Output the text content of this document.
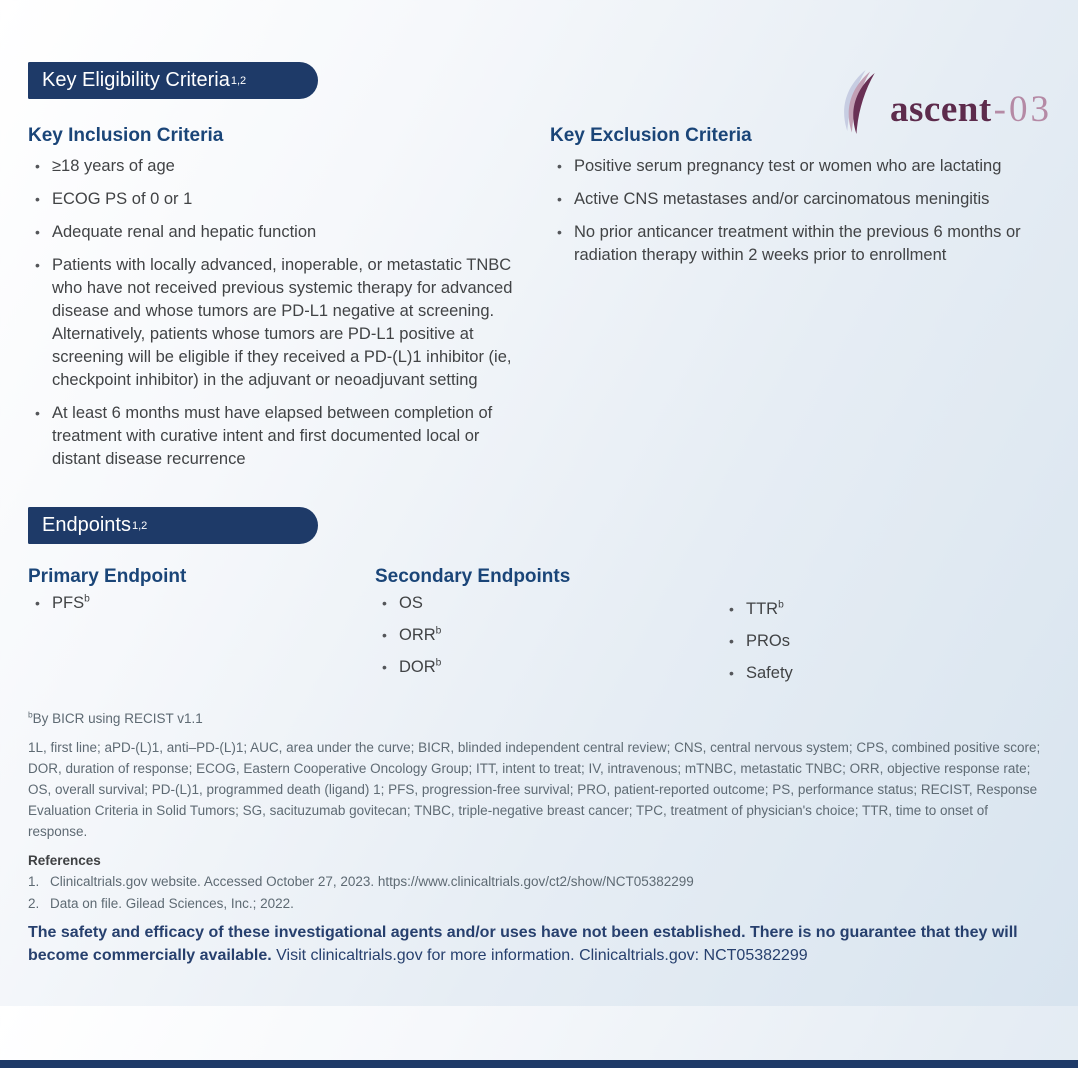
ascent-03
Key Eligibility Criteria 1,2
Key Inclusion Criteria
• ≥18 years of age
• ECOG PS of 0 or 1
• Adequate renal and hepatic function
• Patients with locally advanced, inoperable, or metastatic TNBC who have not received previous systemic therapy for advanced disease and whose tumors are PD-L1 negative at screening. Alternatively, patients whose tumors are PD-L1 positive at screening will be eligible if they received a PD-(L)1 inhibitor (ie, checkpoint inhibitor) in the adjuvant or neoadjuvant setting
• At least 6 months must have elapsed between completion of treatment with curative intent and first documented local or distant disease recurrence
Key Exclusion Criteria
• Positive serum pregnancy test or women who are lactating
• Active CNS metastases and/or carcinomatous meningitis
• No prior anticancer treatment within the previous 6 months or radiation therapy within 2 weeks prior to enrollment
Endpoints 1,2
Primary Endpoint
• PFS$^b$
Secondary Endpoints
• OS
• ORR$^b$
• DOR$^b$
• TTR$^b$
• PROs
• Safety

$^b$By BICR using RECIST v1.1

1L, first line; aPD-(L)1, anti–PD-(L)1; AUC, area under the curve; BICR, blinded independent central review; CNS, central nervous system; CPS, combined positive score; DOR, duration of response; ECOG, Eastern Cooperative Oncology Group; ITT, intent to treat; IV, intravenous; mTNBC, metastatic TNBC; ORR, objective response rate; OS, overall survival; PD-(L)1, programmed death (ligand) 1; PFS, progression-free survival; PRO, patient-reported outcome; PS, performance status; RECIST, Response Evaluation Criteria in Solid Tumors; SG, sacituzumab govitecan; TNBC, triple-negative breast cancer; TPC, treatment of physician's choice; TTR, time to onset of response.

References

1. Clinicaltrials.gov website. Accessed October 27, 2023. https://www.clinicaltrials.gov/ct2/show/NCT05382299
2. Data on file. Gilead Sciences, Inc.; 2022.

The safety and efficacy of these investigational agents and/or uses have not been established. There is no guarantee that they will become commercially available. Visit clinicaltrials.gov for more information. Clinicaltrials.gov: NCT05382299
